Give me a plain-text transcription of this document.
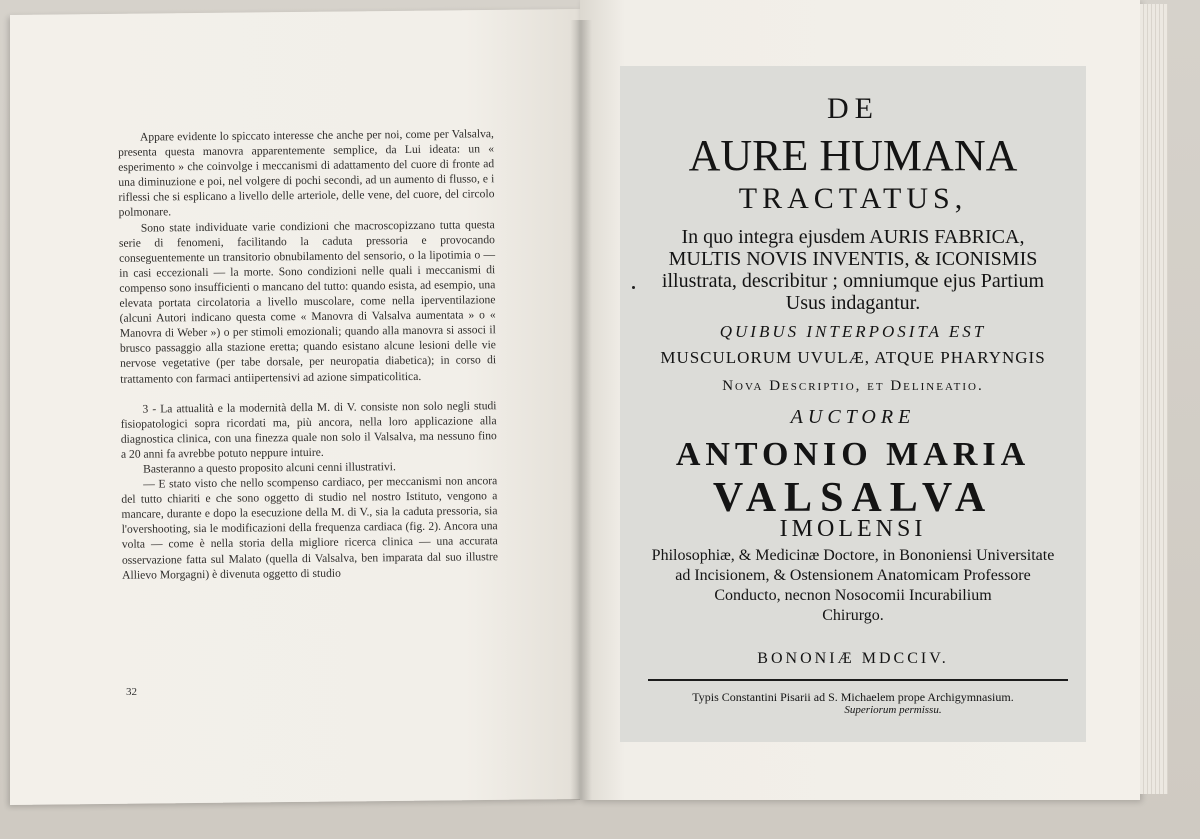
Appare evidente lo spiccato interesse che anche per noi, come per Valsalva, presenta questa manovra apparentemente semplice, da Lui ideata: un « esperimento » che coinvolge i meccanismi di adattamento del cuore di fronte ad una diminuzione e poi, nel volgere di pochi secondi, ad un aumento di flusso, e i riflessi che si esplicano a livello delle arteriole, delle vene, del cuore, del circolo polmonare.

Sono state individuate varie condizioni che macroscopizzano tutta questa serie di fenomeni, facilitando la caduta pressoria e provocando conseguentemente un transitorio obnubilamento del sensorio, o la lipotimia o — in casi eccezionali — la morte. Sono condizioni nelle quali i meccanismi di compenso sono insufficienti o mancano del tutto: quando esista, ad esempio, una elevata portata circolatoria a livello muscolare, come nella iperventilazione (alcuni Autori indicano questa come « Manovra di Valsalva aumentata » o « Manovra di Weber ») o per stimoli emozionali; quando alla manovra si associ il brusco passaggio alla stazione eretta; quando esistano alcune lesioni delle vie nervose vegetative (per tabe dorsale, per neuropatia diabetica); in corso di trattamento con farmaci antiipertensivi ad azione simpaticolitica.

3 - La attualità e la modernità della M. di V. consiste non solo negli studi fisiopatologici sopra ricordati ma, più ancora, nella loro applicazione alla diagnostica clinica, con una finezza quale non solo il Valsalva, ma nessuno fino a 20 anni fa avrebbe potuto neppure intuire.

Basteranno a questo proposito alcuni cenni illustrativi.

— E stato visto che nello scompenso cardiaco, per meccanismi non ancora del tutto chiariti e che sono oggetto di studio nel nostro Istituto, vengono a mancare, durante e dopo la esecuzione della M. di V., sia la caduta pressoria, sia l'overshooting, sia le modificazioni della frequenza cardiaca (fig. 2). Ancora una volta — come è nella storia della migliore ricerca clinica — una accurata osservazione fatta sul Malato (quella di Valsalva, ben imparata dal suo illustre Allievo Morgagni) è divenuta oggetto di studio

32
DE
AURE HUMANA
TRACTATUS,
In quo integra ejusdem AURIS FABRICA,
MULTIS NOVIS INVENTIS, & ICONISMIS
illustrata, describitur ; omniumque ejus Partium
Usus indagantur.
QUIBUS INTERPOSITA EST
MUSCULORUM UVULÆ, ATQUE PHARYNGIS
Nova Descriptio, et Delineatio.
AUCTORE
ANTONIO MARIA
VALSALVA
IMOLENSI
Philosophiæ, & Medicinæ Doctore, in Bononiensi Universitate
ad Incisionem, & Ostensionem Anatomicam Professore
Conducto, necnon Nosocomii Incurabilium
Chirurgo.
BONONIÆ MDCCIV.
Typis Constantini Pisarii ad S. Michaelem prope Archigymnasium.
Superiorum permissu.
